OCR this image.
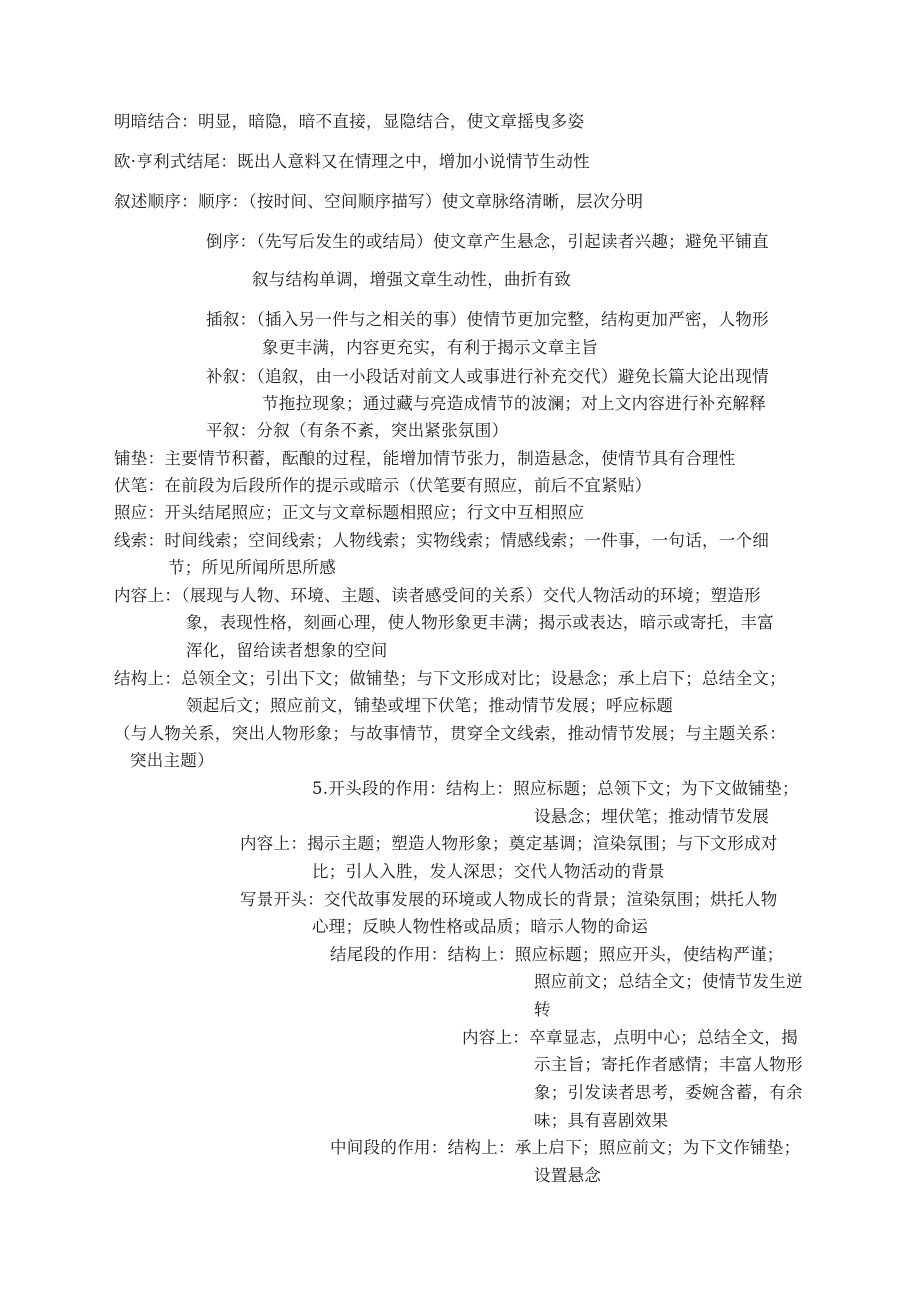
明暗结合：明显，暗隐，暗不直接，显隐结合，使文章摇曳多姿
欧·亨利式结尾：既出人意料又在情理之中，增加小说情节生动性
叙述顺序：顺序：（按时间、空间顺序描写）使文章脉络清晰，层次分明
倒序：（先写后发生的或结局）使文章产生悬念，引起读者兴趣；避免平铺直
叙与结构单调，增强文章生动性，曲折有致
插叙：（插入另一件与之相关的事）使情节更加完整，结构更加严密，人物形
象更丰满，内容更充实，有利于揭示文章主旨
补叙：（追叙，由一小段话对前文人或事进行补充交代）避免长篇大论出现情
节拖拉现象；通过藏与亮造成情节的波澜；对上文内容进行补充解释
平叙：分叙（有条不紊，突出紧张氛围）
铺垫：主要情节积蓄，酝酿的过程，能增加情节张力，制造悬念，使情节具有合理性
伏笔：在前段为后段所作的提示或暗示（伏笔要有照应，前后不宜紧贴）
照应：开头结尾照应；正文与文章标题相照应；行文中互相照应
线索：时间线索；空间线索；人物线索；实物线索；情感线索；一件事，一句话，一个细
节；所见所闻所思所感
内容上：（展现与人物、环境、主题、读者感受间的关系）交代人物活动的环境；塑造形
象，表现性格，刻画心理，使人物形象更丰满；揭示或表达，暗示或寄托，丰富
浑化，留给读者想象的空间
结构上：总领全文；引出下文；做铺垫；与下文形成对比；设悬念；承上启下；总结全文；
领起后文；照应前文，铺垫或埋下伏笔；推动情节发展；呼应标题
（与人物关系，突出人物形象；与故事情节，贯穿全文线索，推动情节发展；与主题关系：
突出主题）
5.开头段的作用：结构上：照应标题；总领下文；为下文做铺垫；
设悬念；埋伏笔；推动情节发展
内容上：揭示主题；塑造人物形象；奠定基调；渲染氛围；与下文形成对
比；引人入胜，发人深思；交代人物活动的背景
写景开头：交代故事发展的环境或人物成长的背景；渲染氛围；烘托人物
心理；反映人物性格或品质；暗示人物的命运
结尾段的作用：结构上：照应标题；照应开头，使结构严谨；
照应前文；总结全文；使情节发生逆
转
内容上：卒章显志，点明中心；总结全文，揭
示主旨；寄托作者感情；丰富人物形
象；引发读者思考，委婉含蓄，有余
味；具有喜剧效果
中间段的作用：结构上：承上启下；照应前文；为下文作铺垫；
设置悬念
